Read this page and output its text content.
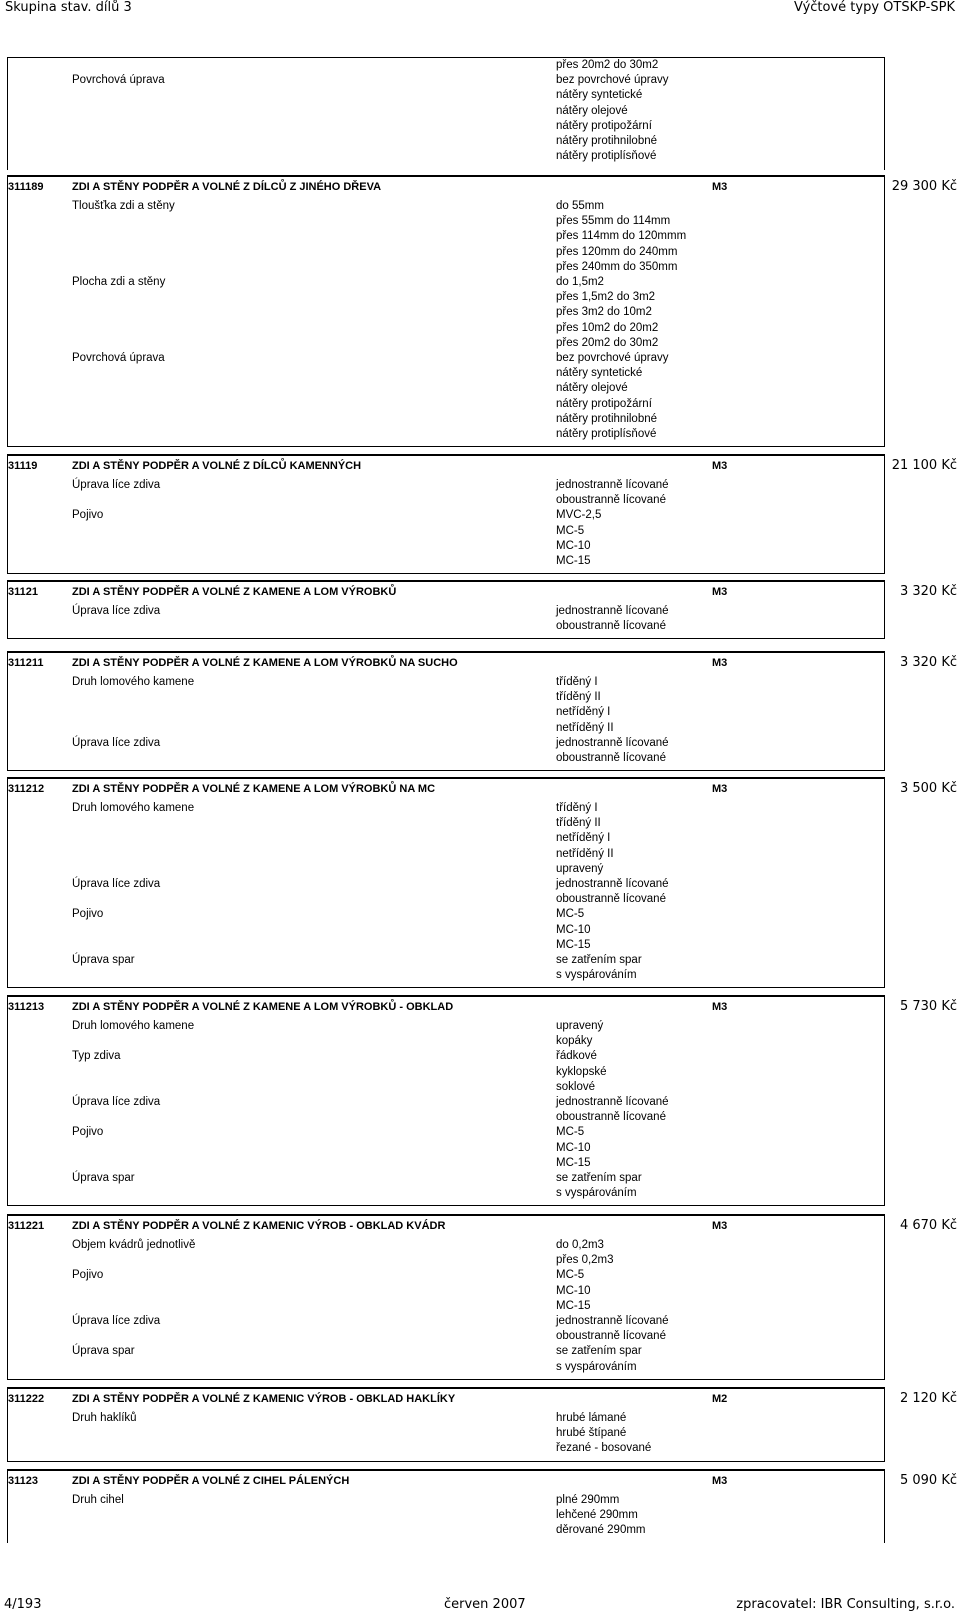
Skupina stav. dílů 3	Výčtové typy OTSKP-SPK
přes 20m2 do 30m2
Povrchová úprava	bez povrchové úpravy
nátěry syntetické
nátěry olejové
nátěry protipožární
nátěry protihnilobné
nátěry protiplísňové
311189	ZDI A STĚNY PODPĚR A VOLNÉ Z DÍLCŮ Z JINÉHO DŘEVA	M3	29 300 Kč
Tloušťka zdi a stěny	do 55mm
přes 55mm do 114mm
přes 114mm do 120mmm
přes 120mm do 240mm
přes 240mm do 350mm
Plocha zdi a stěny	do 1,5m2
přes 1,5m2 do 3m2
přes 3m2 do 10m2
přes 10m2 do 20m2
přes 20m2 do 30m2
Povrchová úprava	bez povrchové úpravy
nátěry syntetické
nátěry olejové
nátěry protipožární
nátěry protihnilobné
nátěry protiplísňové
31119	ZDI A STĚNY PODPĚR A VOLNÉ Z DÍLCŮ KAMENNÝCH	M3	21 100 Kč
Úprava líce zdiva	jednostranně lícované
oboustranně lícované
Pojivo	MVC-2,5
MC-5
MC-10
MC-15
31121	ZDI A STĚNY PODPĚR A VOLNÉ Z KAMENE A LOM VÝROBKŮ	M3	3 320 Kč
Úprava líce zdiva	jednostranně lícované
oboustranně lícované
311211	ZDI A STĚNY PODPĚR A VOLNÉ Z KAMENE A LOM VÝROBKŮ NA SUCHO	M3	3 320 Kč
Druh lomového kamene	tříděný I
tříděný II
netříděný I
netříděný II
Úprava líce zdiva	jednostranně lícované
oboustranně lícované
311212	ZDI A STĚNY PODPĚR A VOLNÉ Z KAMENE A LOM VÝROBKŮ NA MC	M3	3 500 Kč
Druh lomového kamene	tříděný I
tříděný II
netříděný I
netříděný II
upravený
Úprava líce zdiva	jednostranně lícované
oboustranně lícované
Pojivo	MC-5
MC-10
MC-15
Úprava spar	se zatřením spar
s vyspárováním
311213	ZDI A STĚNY PODPĚR A VOLNÉ Z KAMENE A LOM VÝROBKŮ - OBKLAD	M3	5 730 Kč
Druh lomového kamene	upravený
kopáky
Typ zdiva	řádkové
kyklopské
soklové
Úprava líce zdiva	jednostranně lícované
oboustranně lícované
Pojivo	MC-5
MC-10
MC-15
Úprava spar	se zatřením spar
s vyspárováním
311221	ZDI A STĚNY PODPĚR A VOLNÉ Z KAMENIC VÝROB - OBKLAD KVÁDR	M3	4 670 Kč
Objem kvádrů jednotlivě	do 0,2m3
přes 0,2m3
Pojivo	MC-5
MC-10
MC-15
Úprava líce zdiva	jednostranně lícované
oboustranně lícované
Úprava spar	se zatřením spar
s vyspárováním
311222	ZDI A STĚNY PODPĚR A VOLNÉ Z KAMENIC VÝROB - OBKLAD HAKLÍKY	M2	2 120 Kč
Druh haklíků	hrubé lámané
hrubé štípané
řezané - bosované
31123	ZDI A STĚNY PODPĚR A VOLNÉ Z CIHEL PÁLENÝCH	M3	5 090 Kč
Druh cihel	plné 290mm
lehčené 290mm
děrované 290mm
4/193	červen 2007	zpracovatel: IBR Consulting, s.r.o.
